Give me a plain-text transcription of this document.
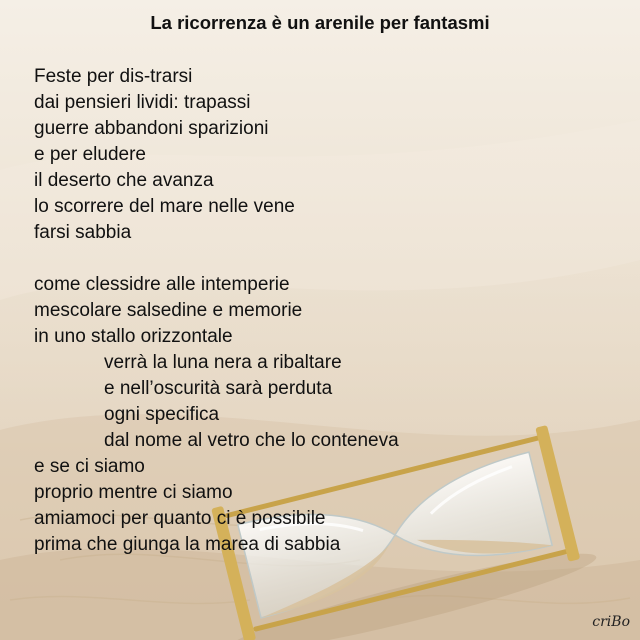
La ricorrenza è un arenile per fantasmi
Feste per dis-trarsi
dai pensieri lividi: trapassi
guerre abbandoni sparizioni
e per eludere
il deserto che avanza
lo scorrere del mare nelle vene
farsi sabbia
come clessidre alle intemperie
mescolare salsedine e memorie
in uno stallo orizzontale
verrà la luna nera a ribaltare
e nell’oscurità sarà perduta
ogni specifica
dal nome al vetro che lo conteneva
e se ci siamo
proprio mentre ci siamo
amiamoci per quanto ci è possibile
prima che giunga la marea di sabbia
criBo
